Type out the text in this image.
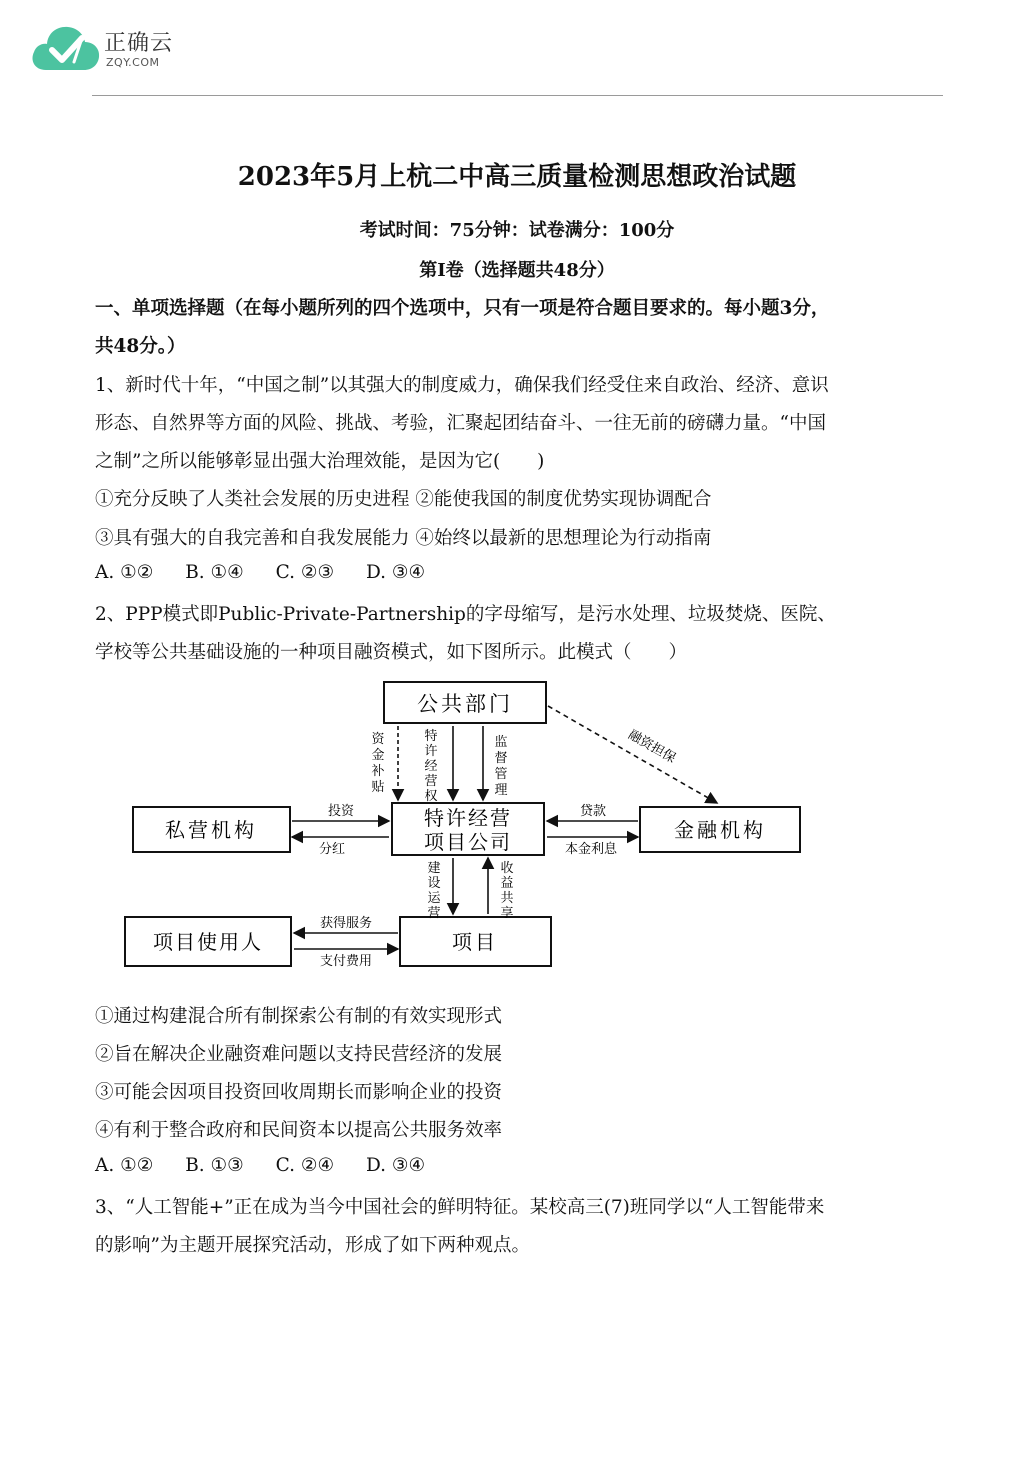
正确云
ZQY.COM
2023年5月上杭二中高三质量检测思想政治试题
考试时间：75分钟：试卷满分：100分
第I卷（选择题共48分）
一、单项选择题（在每小题所列的四个选项中，只有一项是符合题目要求的。每小题3分，
共48分。）
1、新时代十年，“中国之制”以其强大的制度威力，确保我们经受住来自政治、经济、意识
形态、自然界等方面的风险、挑战、考验，汇聚起团结奋斗、一往无前的磅礴力量。“中国
之制”之所以能够彰显出强大治理效能，是因为它(　　)
①充分反映了人类社会发展的历史进程 ②能使我国的制度优势实现协调配合
③具有强大的自我完善和自我发展能力 ④始终以最新的思想理论为行动指南
A. ①② B. ①④ C. ②③ D. ③④
2、PPP模式即Public-Private-Partnership的字母缩写，是污水处理、垃圾焚烧、医院、
学校等公共基础设施的一种项目融资模式，如下图所示。此模式（　　）
公共部门
特许经营
项目公司
私营机构	金融机构
项目使用人	项目
资
金
补
贴
特
许
经
营
权
监
督
管
理
融资担保
投资
分红
贷款
本金利息
建
设
运
营
收
益
共
享
获得服务
支付费用
①通过构建混合所有制探索公有制的有效实现形式
②旨在解决企业融资难问题以支持民营经济的发展
③可能会因项目投资回收周期长而影响企业的投资
④有利于整合政府和民间资本以提高公共服务效率
A. ①② B. ①③ C. ②④ D. ③④
3、“人工智能+”正在成为当今中国社会的鲜明特征。某校高三(7)班同学以“人工智能带来
的影响”为主题开展探究活动，形成了如下两种观点。
